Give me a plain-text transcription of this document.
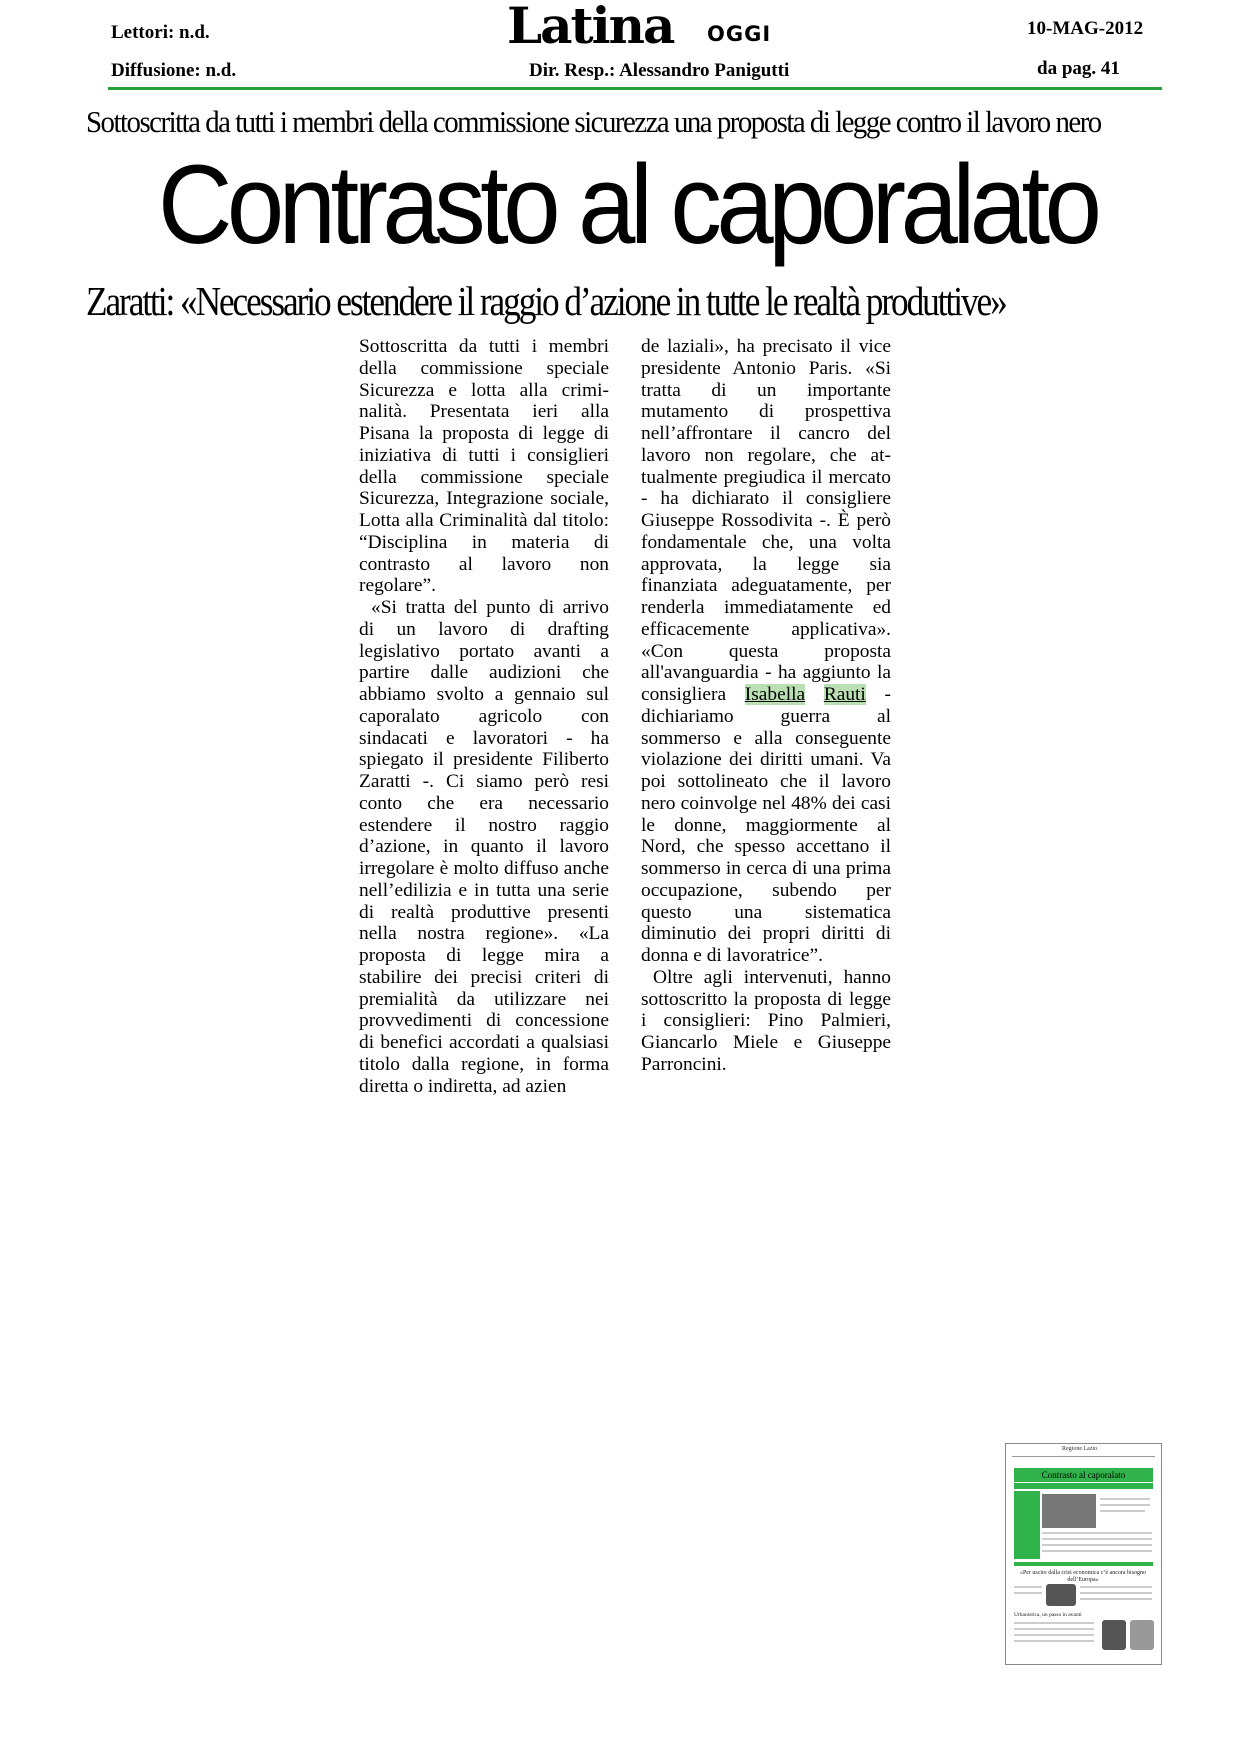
Lettori: n.d.
Diffusione: n.d.
Latina OGGI
Dir. Resp.: Alessandro Panigutti
10-MAG-2012
da pag. 41
Sottoscritta da tutti i membri della commissione sicurezza una proposta di legge contro il lavoro nero
Contrasto al caporalato
Zaratti: «Necessario estendere il raggio d’azione in tutte le realtà produttive»

Sottoscritta da tutti i membri della commissione speciale Sicurezza e lotta alla criminalità. Presentata ieri alla Pisana la proposta di legge di iniziativa di tutti i consiglieri della commissione speciale Sicurezza, Integrazione sociale, Lotta alla Criminalità dal titolo: “Disciplina in materia di contrasto al lavoro non regolare”.

«Si tratta del punto di arrivo di un lavoro di drafting legislativo portato avanti a partire dalle audizioni che abbiamo svolto a gennaio sul caporalato agricolo con sindacati e lavoratori - ha spiegato il presidente Filiberto Zaratti -. Ci siamo però resi conto che era necessario estendere il nostro raggio d’azione, in quanto il lavoro irregolare è molto diffuso anche nell’edilizia e in tutta una serie di realtà produttive presenti nella nostra regione». «La proposta di legge mira a stabilire dei precisi criteri di premialità da utilizzare nei provvedimenti di concessione di benefici accordati a qualsiasi titolo dalla regione, in forma diretta o indiretta, ad azien

de laziali», ha precisato il vice presidente Antonio Paris. «Si tratta di un importante mutamento di prospettiva nell’affrontare il cancro del lavoro non regolare, che attualmente pregiudica il mercato - ha dichiarato il consigliere Giuseppe Rossodivita -. È però fondamentale che, una volta approvata, la legge sia finanziata adeguatamente, per renderla immediatamente ed efficacemente applicativa». «Con questa proposta all'avanguardia - ha aggiunto la consigliera Isabella Rauti - dichiariamo guerra al sommerso e alla conseguente violazione dei diritti umani. Va poi sottolineato che il lavoro nero coinvolge nel 48% dei casi le donne, maggiormente al Nord, che spesso accettano il sommerso in cerca di una prima occupazione, subendo per questo una sistematica diminutio dei propri diritti di donna e di lavoratrice”.

Oltre agli intervenuti, hanno sottoscritto la proposta di legge i consiglieri: Pino Palmieri, Giancarlo Miele e Giuseppe Parroncini.

Regione Lazio
Contrasto al caporalato
«Per uscire dalla crisi economica c’è ancora bisogno dell’Europa»
Urbanistica, un passo in avanti
